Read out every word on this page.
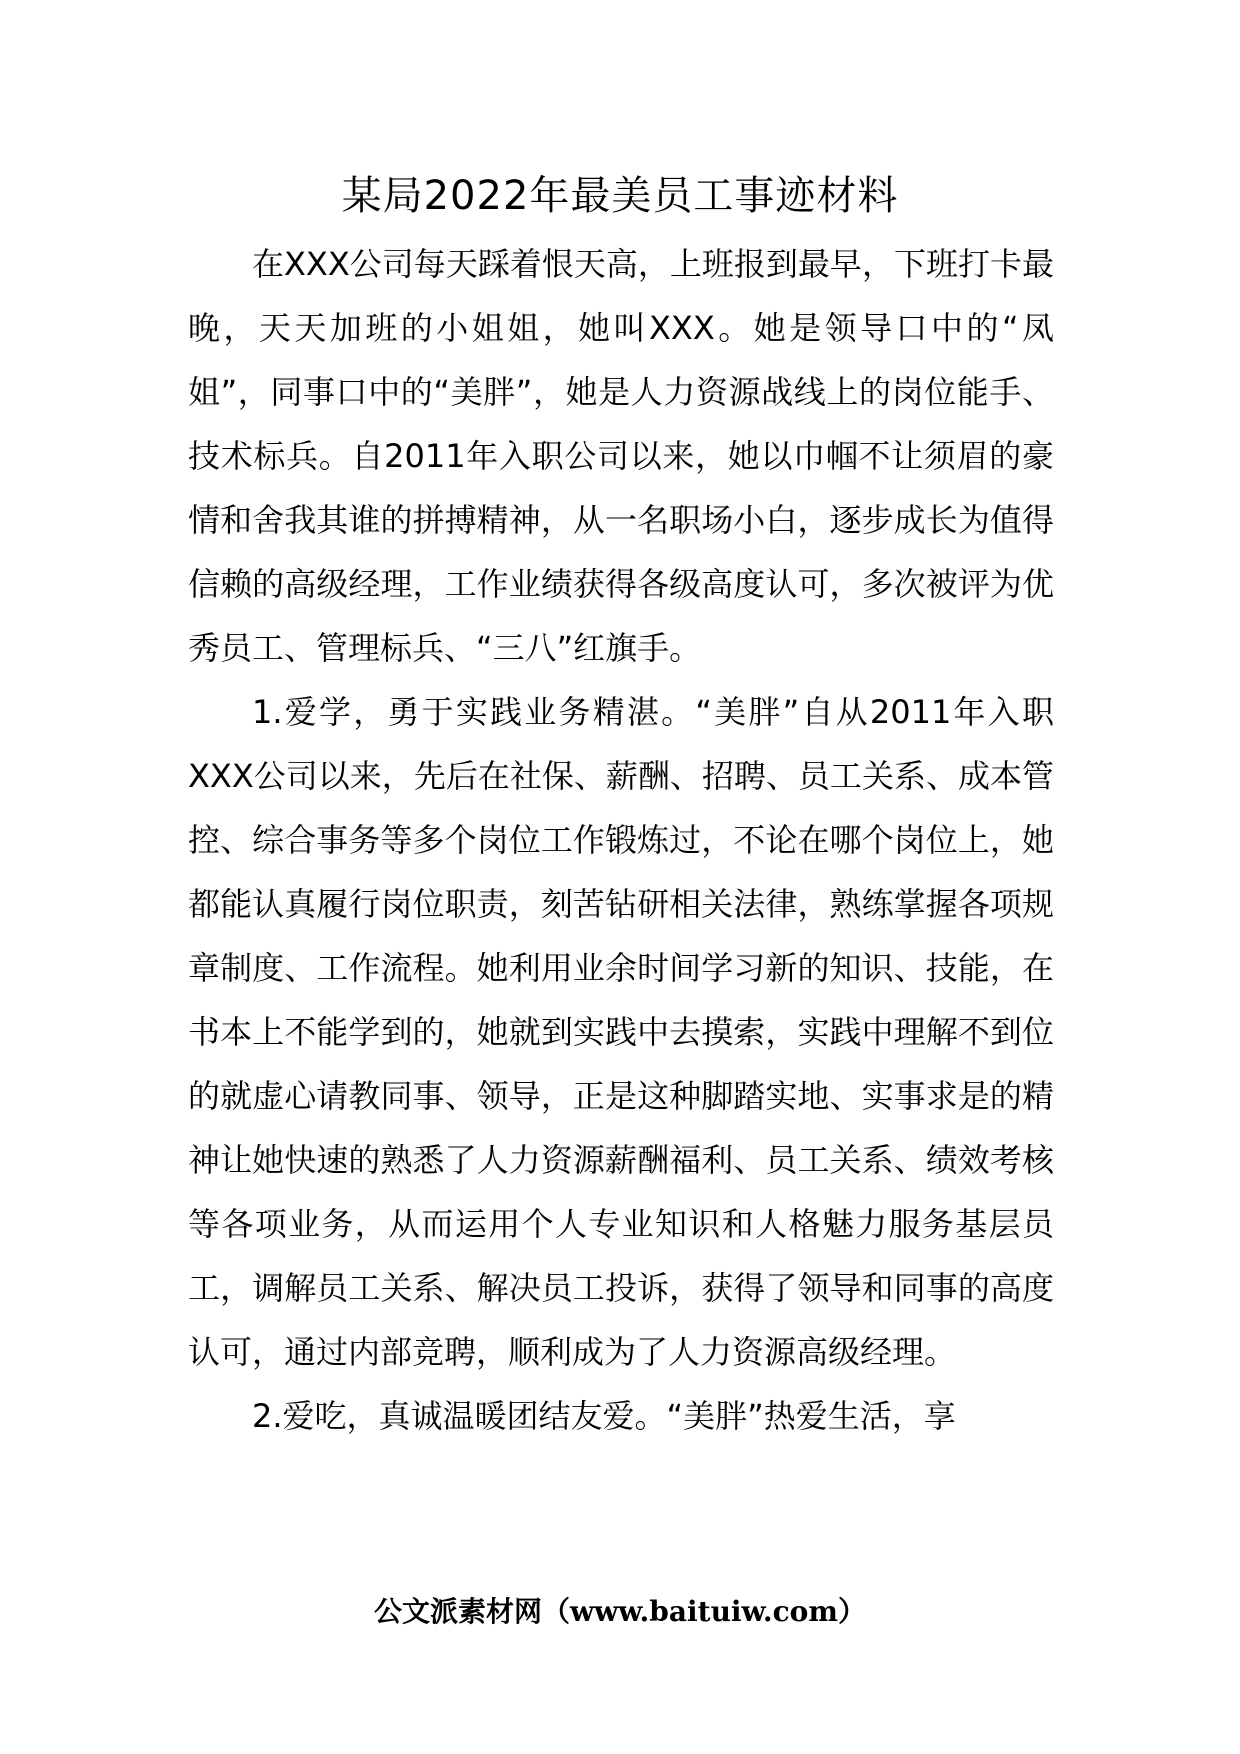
某局2022年最美员工事迹材料

在XXX公司每天踩着恨天高，上班报到最早，下班打卡最晚，天天加班的小姐姐，她叫XXX。她是领导口中的“凤姐”，同事口中的“美胖”，她是人力资源战线上的岗位能手、技术标兵。自2011年入职公司以来，她以巾帼不让须眉的豪情和舍我其谁的拼搏精神，从一名职场小白，逐步成长为值得信赖的高级经理，工作业绩获得各级高度认可，多次被评为优秀员工、管理标兵、“三八”红旗手。

1.爱学，勇于实践业务精湛。“美胖”自从2011年入职XXX公司以来，先后在社保、薪酬、招聘、员工关系、成本管控、综合事务等多个岗位工作锻炼过，不论在哪个岗位上，她都能认真履行岗位职责，刻苦钻研相关法律，熟练掌握各项规章制度、工作流程。她利用业余时间学习新的知识、技能，在书本上不能学到的，她就到实践中去摸索，实践中理解不到位的就虚心请教同事、领导，正是这种脚踏实地、实事求是的精神让她快速的熟悉了人力资源薪酬福利、员工关系、绩效考核等各项业务，从而运用个人专业知识和人格魅力服务基层员工，调解员工关系、解决员工投诉，获得了领导和同事的高度认可，通过内部竞聘，顺利成为了人力资源高级经理。

2.爱吃，真诚温暖团结友爱。“美胖”热爱生活，享

公文派素材网（www.baituiw.com）
